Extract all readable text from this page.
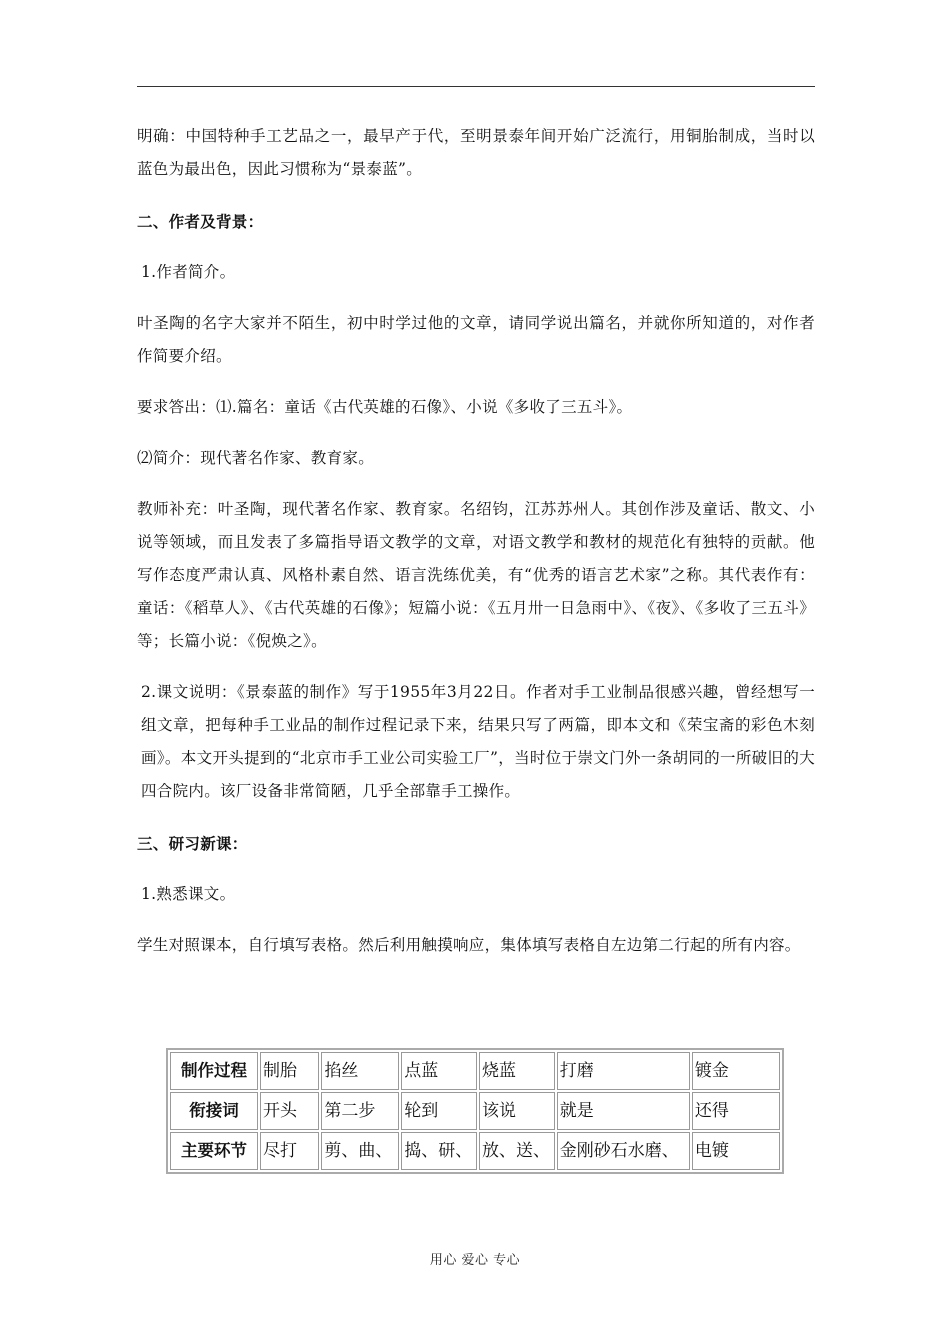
明确：中国特种手工艺品之一，最早产于代，至明景泰年间开始广泛流行，用铜胎制成，当时以蓝色为最出色，因此习惯称为“景泰蓝”。

二、作者及背景：

1.作者简介。

叶圣陶的名字大家并不陌生，初中时学过他的文章，请同学说出篇名，并就你所知道的，对作者作简要介绍。

要求答出：⑴.篇名：童话《古代英雄的石像》、小说《多收了三五斗》。

⑵简介：现代著名作家、教育家。

教师补充：叶圣陶，现代著名作家、教育家。名绍钧，江苏苏州人。其创作涉及童话、散文、小说等领域，而且发表了多篇指导语文教学的文章，对语文教学和教材的规范化有独特的贡献。他写作态度严肃认真、风格朴素自然、语言洗练优美，有“优秀的语言艺术家”之称。其代表作有：童话：《稻草人》、《古代英雄的石像》；短篇小说：《五月卅一日急雨中》、《夜》、《多收了三五斗》等；长篇小说：《倪焕之》。

2.课文说明：《景泰蓝的制作》写于1955年3月22日。作者对手工业制品很感兴趣，曾经想写一组文章，把每种手工业品的制作过程记录下来，结果只写了两篇，即本文和《荣宝斋的彩色木刻画》。本文开头提到的“北京市手工业公司实验工厂”，当时位于崇文门外一条胡同的一所破旧的大四合院内。该厂设备非常简陋，几乎全部靠手工操作。

三、研习新课：

1.熟悉课文。

学生对照课本，自行填写表格。然后利用触摸响应，集体填写表格自左边第二行起的所有内容。

制作过程	制胎	掐丝	点蓝	烧蓝	打磨	镀金
衔接词	开头	第二步	轮到	该说	就是	还得
主要环节	尽打	剪、曲、	捣、研、	放、送、	金刚砂石水磨、	电镀
用心 爱心 专心
